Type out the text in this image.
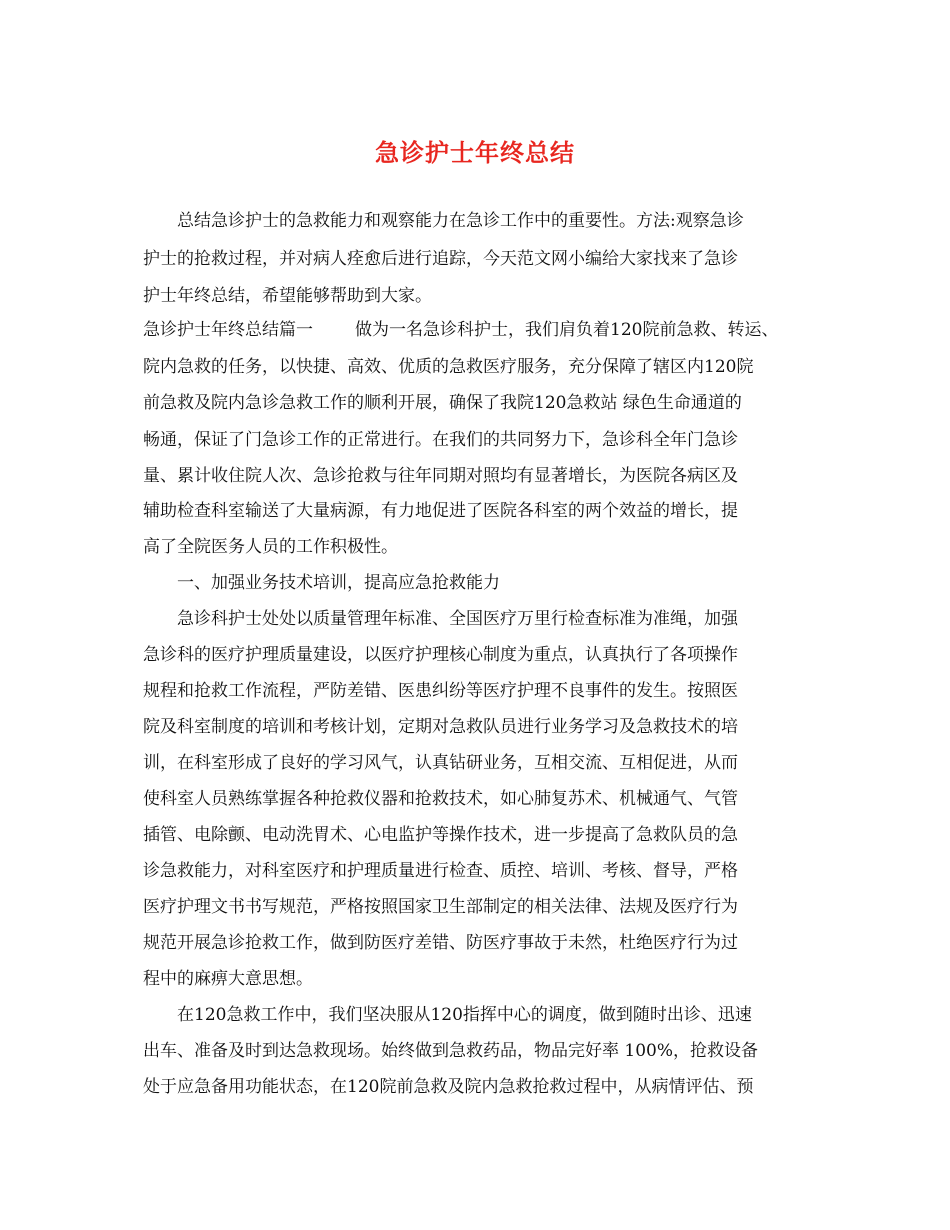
急诊护士年终总结
总结急诊护士的急救能力和观察能力在急诊工作中的重要性。方法:观察急诊
护士的抢救过程，并对病人痊愈后进行追踪，今天范文网小编给大家找来了急诊
护士年终总结，希望能够帮助到大家。
急诊护士年终总结篇一 做为一名急诊科护士，我们肩负着120院前急救、转运、
院内急救的任务，以快捷、高效、优质的急救医疗服务，充分保障了辖区内120院
前急救及院内急诊急救工作的顺利开展，确保了我院120急救站 绿色生命通道的
畅通，保证了门急诊工作的正常进行。在我们的共同努力下，急诊科全年门急诊
量、累计收住院人次、急诊抢救与往年同期对照均有显著增长，为医院各病区及
辅助检查科室输送了大量病源，有力地促进了医院各科室的两个效益的增长，提
高了全院医务人员的工作积极性。
一、加强业务技术培训，提高应急抢救能力
急诊科护士处处以质量管理年标准、全国医疗万里行检查标准为准绳，加强
急诊科的医疗护理质量建设，以医疗护理核心制度为重点，认真执行了各项操作
规程和抢救工作流程，严防差错、医患纠纷等医疗护理不良事件的发生。按照医
院及科室制度的培训和考核计划，定期对急救队员进行业务学习及急救技术的培
训，在科室形成了良好的学习风气，认真钻研业务，互相交流、互相促进，从而
使科室人员熟练掌握各种抢救仪器和抢救技术，如心肺复苏术、机械通气、气管
插管、电除颤、电动洗胃术、心电监护等操作技术，进一步提高了急救队员的急
诊急救能力，对科室医疗和护理质量进行检查、质控、培训、考核、督导，严格
医疗护理文书书写规范，严格按照国家卫生部制定的相关法律、法规及医疗行为
规范开展急诊抢救工作，做到防医疗差错、防医疗事故于未然，杜绝医疗行为过
程中的麻痹大意思想。
在120急救工作中，我们坚决服从120指挥中心的调度，做到随时出诊、迅速
出车、准备及时到达急救现场。始终做到急救药品，物品完好率 100%，抢救设备
处于应急备用功能状态，在120院前急救及院内急救抢救过程中，从病情评估、预
